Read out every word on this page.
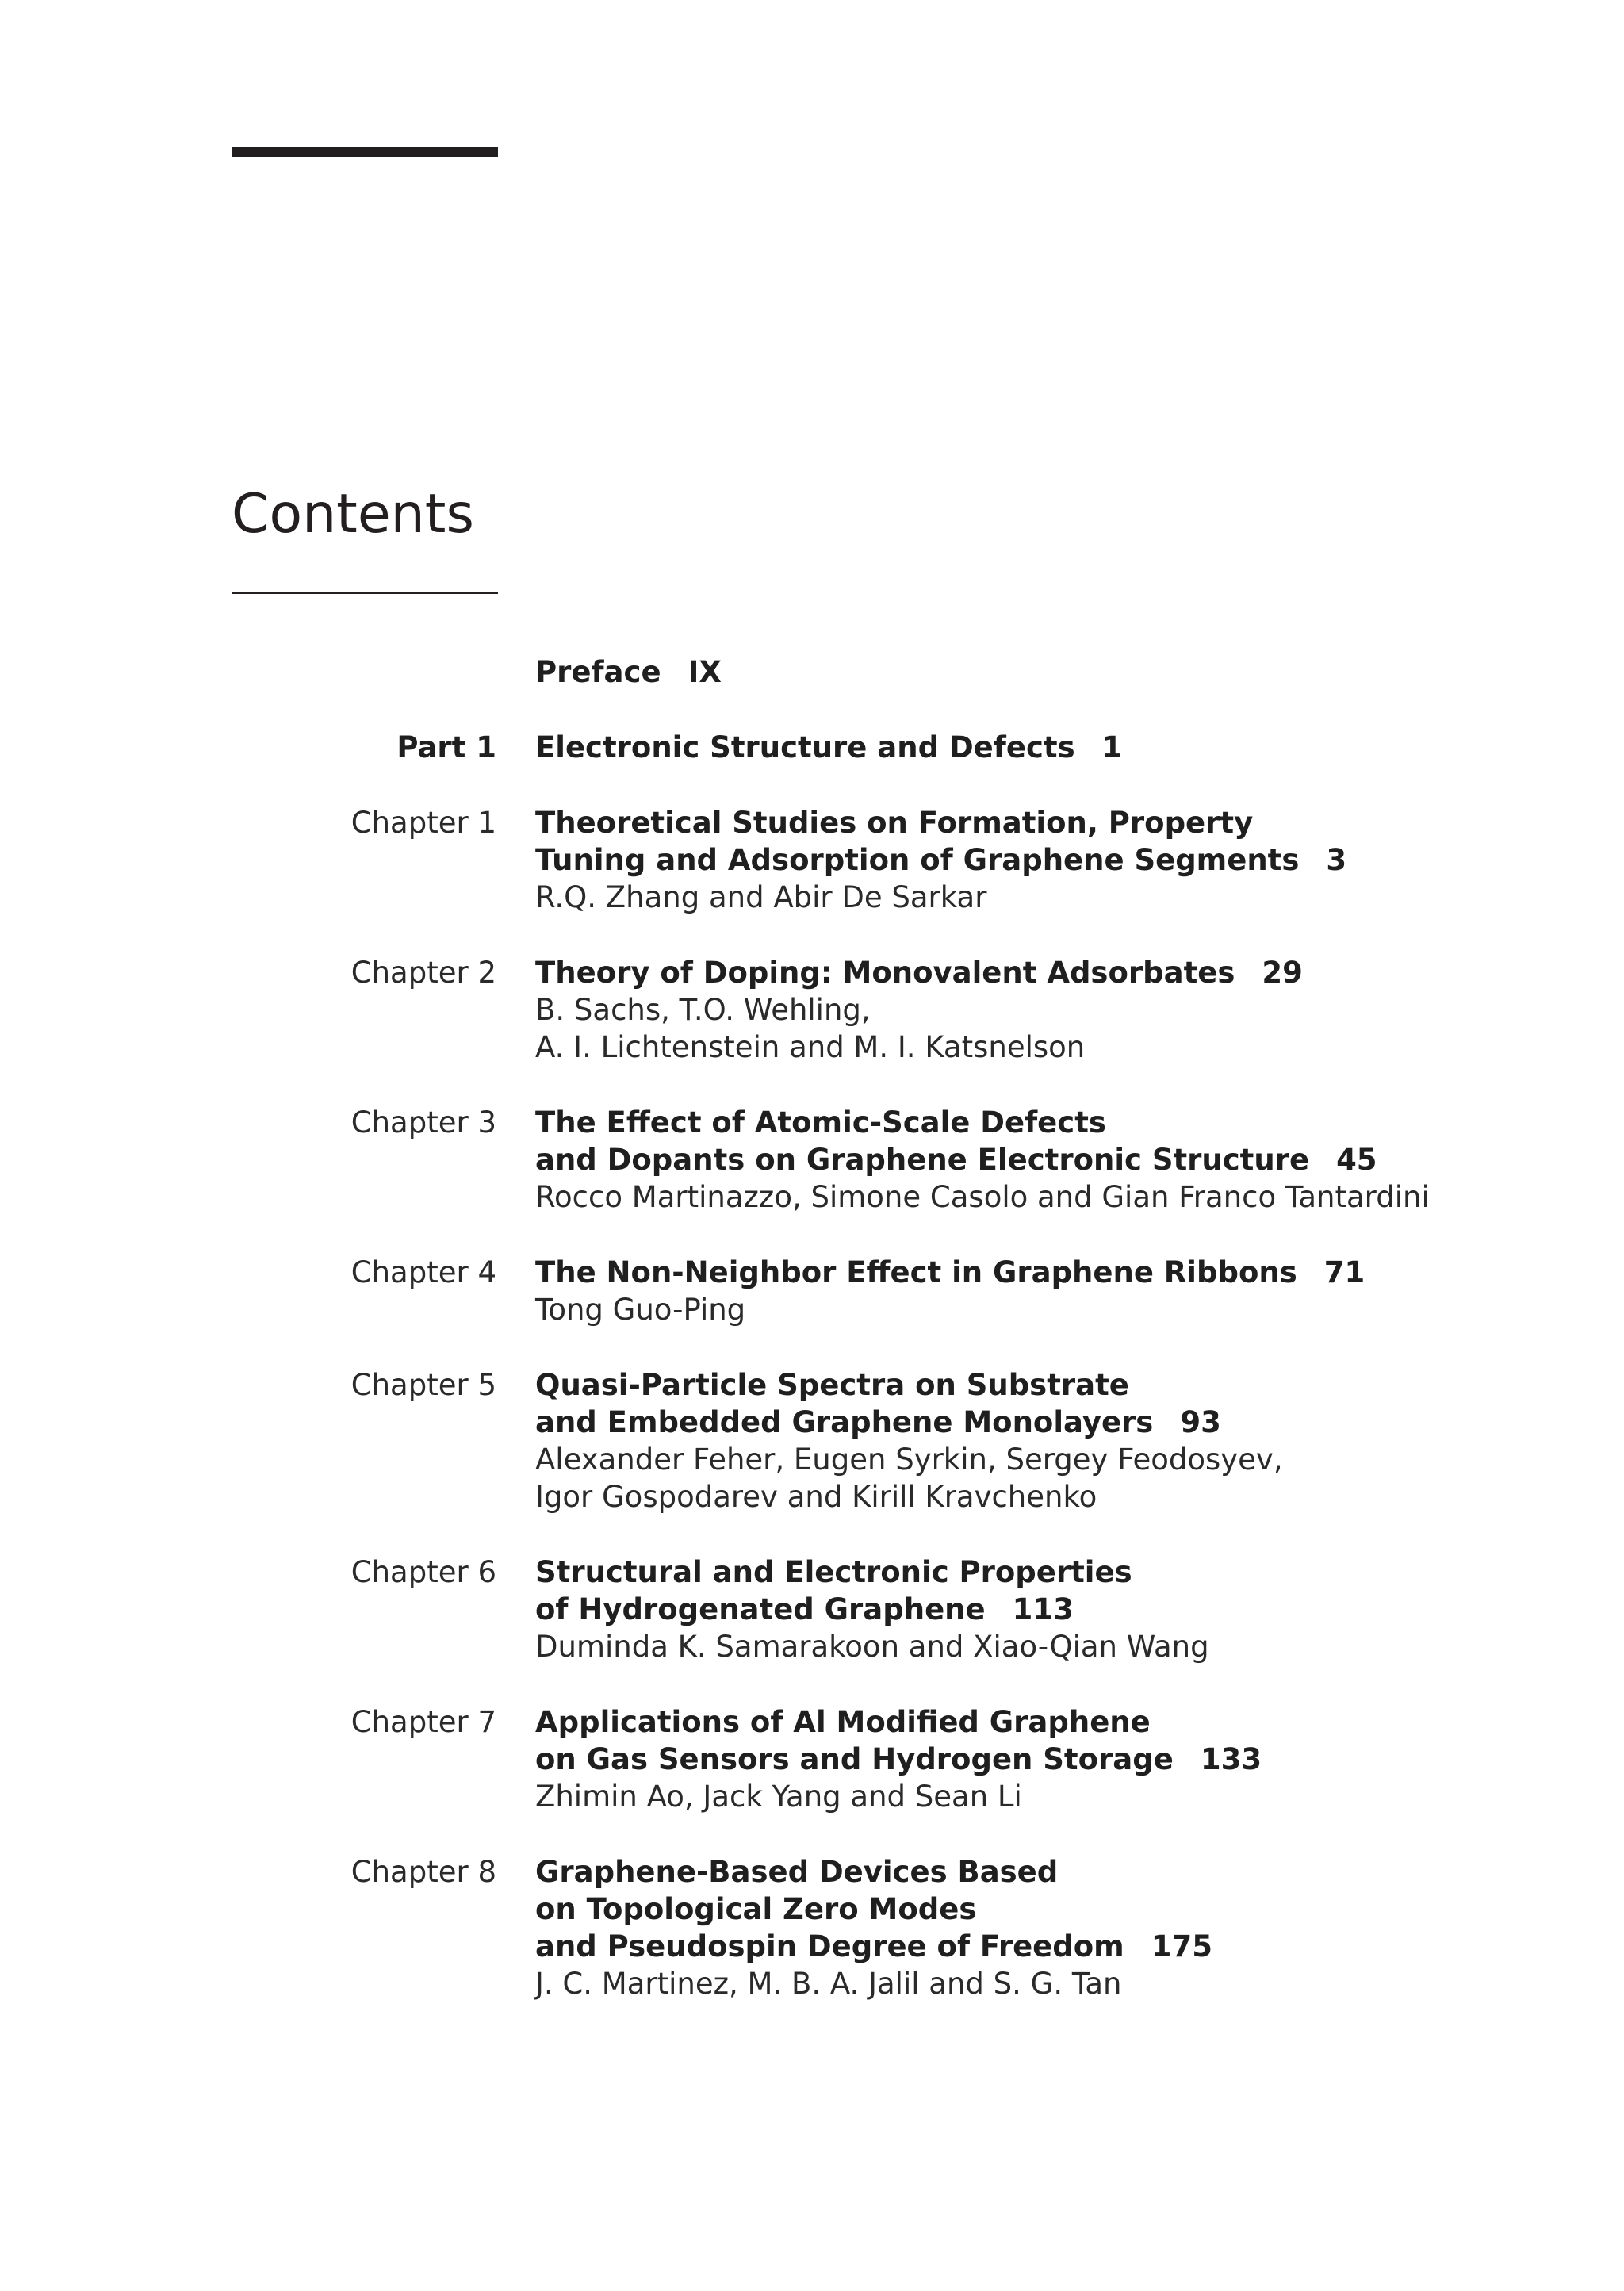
Contents
Preface IX
Part 1 Electronic Structure and Defects 1
Chapter 1 Theoretical Studies on Formation, Property
Tuning and Adsorption of Graphene Segments 3
R.Q. Zhang and Abir De Sarkar
Chapter 2 Theory of Doping: Monovalent Adsorbates 29
B. Sachs, T.O. Wehling,
A. I. Lichtenstein and M. I. Katsnelson
Chapter 3 The Effect of Atomic-Scale Defects
and Dopants on Graphene Electronic Structure 45
Rocco Martinazzo, Simone Casolo and Gian Franco Tantardini
Chapter 4 The Non-Neighbor Effect in Graphene Ribbons 71
Tong Guo-Ping
Chapter 5 Quasi-Particle Spectra on Substrate
and Embedded Graphene Monolayers 93
Alexander Feher, Eugen Syrkin, Sergey Feodosyev,
Igor Gospodarev and Kirill Kravchenko
Chapter 6 Structural and Electronic Properties
of Hydrogenated Graphene 113
Duminda K. Samarakoon and Xiao-Qian Wang
Chapter 7 Applications of Al Modified Graphene
on Gas Sensors and Hydrogen Storage 133
Zhimin Ao, Jack Yang and Sean Li
Chapter 8 Graphene-Based Devices Based
on Topological Zero Modes
and Pseudospin Degree of Freedom 175
J. C. Martinez, M. B. A. Jalil and S. G. Tan
